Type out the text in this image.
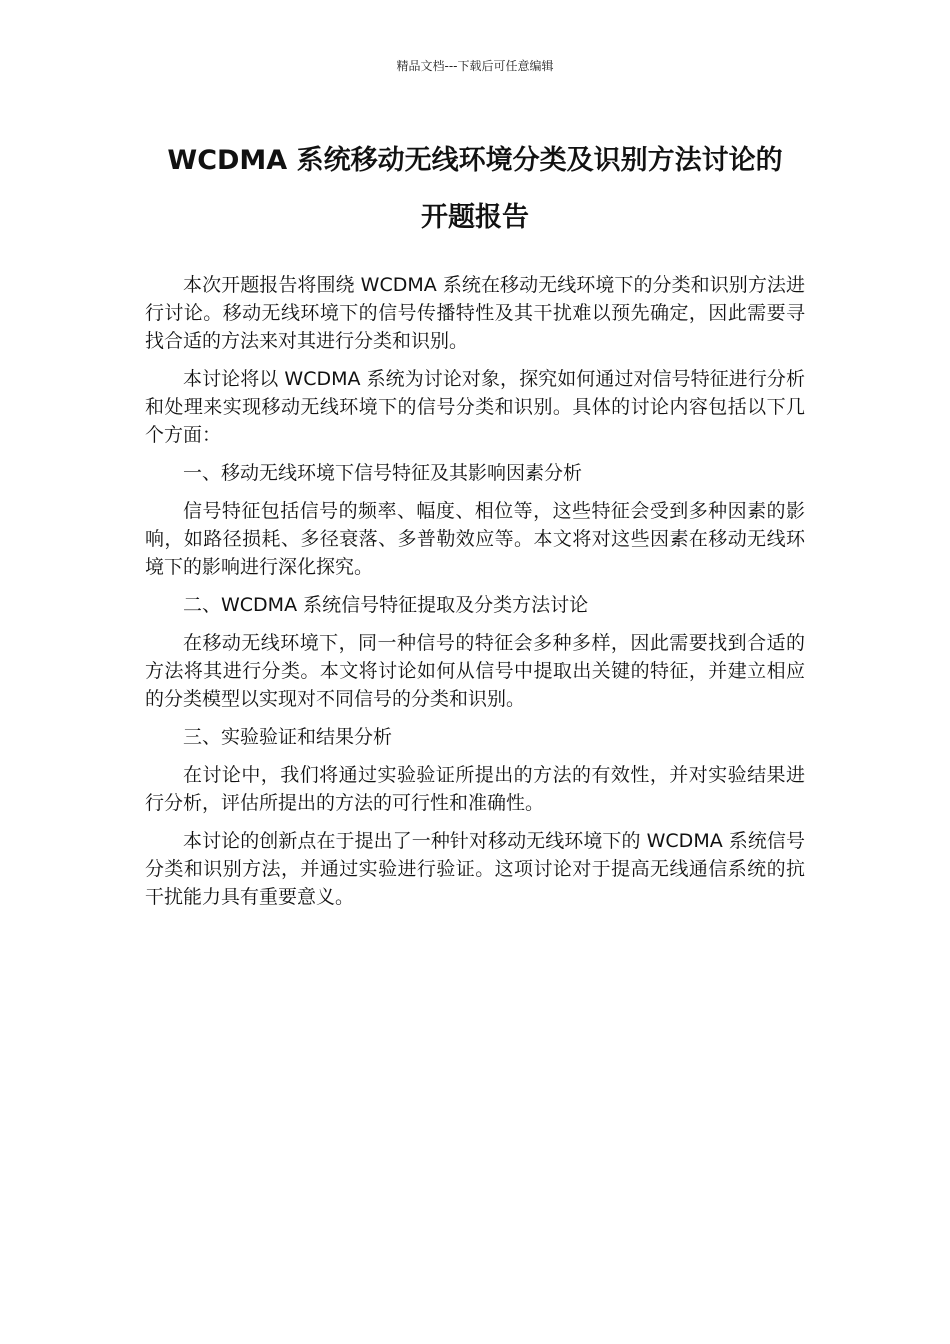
精品文档---下载后可任意编辑
WCDMA 系统移动无线环境分类及识别方法讨论的
开题报告

本次开题报告将围绕 WCDMA 系统在移动无线环境下的分类和识别方法进行讨论。移动无线环境下的信号传播特性及其干扰难以预先确定，因此需要寻找合适的方法来对其进行分类和识别。

本讨论将以 WCDMA 系统为讨论对象，探究如何通过对信号特征进行分析和处理来实现移动无线环境下的信号分类和识别。具体的讨论内容包括以下几个方面：

一、移动无线环境下信号特征及其影响因素分析

信号特征包括信号的频率、幅度、相位等，这些特征会受到多种因素的影响，如路径损耗、多径衰落、多普勒效应等。本文将对这些因素在移动无线环境下的影响进行深化探究。

二、WCDMA 系统信号特征提取及分类方法讨论

在移动无线环境下，同一种信号的特征会多种多样，因此需要找到合适的方法将其进行分类。本文将讨论如何从信号中提取出关键的特征，并建立相应的分类模型以实现对不同信号的分类和识别。

三、实验验证和结果分析

在讨论中，我们将通过实验验证所提出的方法的有效性，并对实验结果进行分析，评估所提出的方法的可行性和准确性。

本讨论的创新点在于提出了一种针对移动无线环境下的 WCDMA 系统信号分类和识别方法，并通过实验进行验证。这项讨论对于提高无线通信系统的抗干扰能力具有重要意义。
